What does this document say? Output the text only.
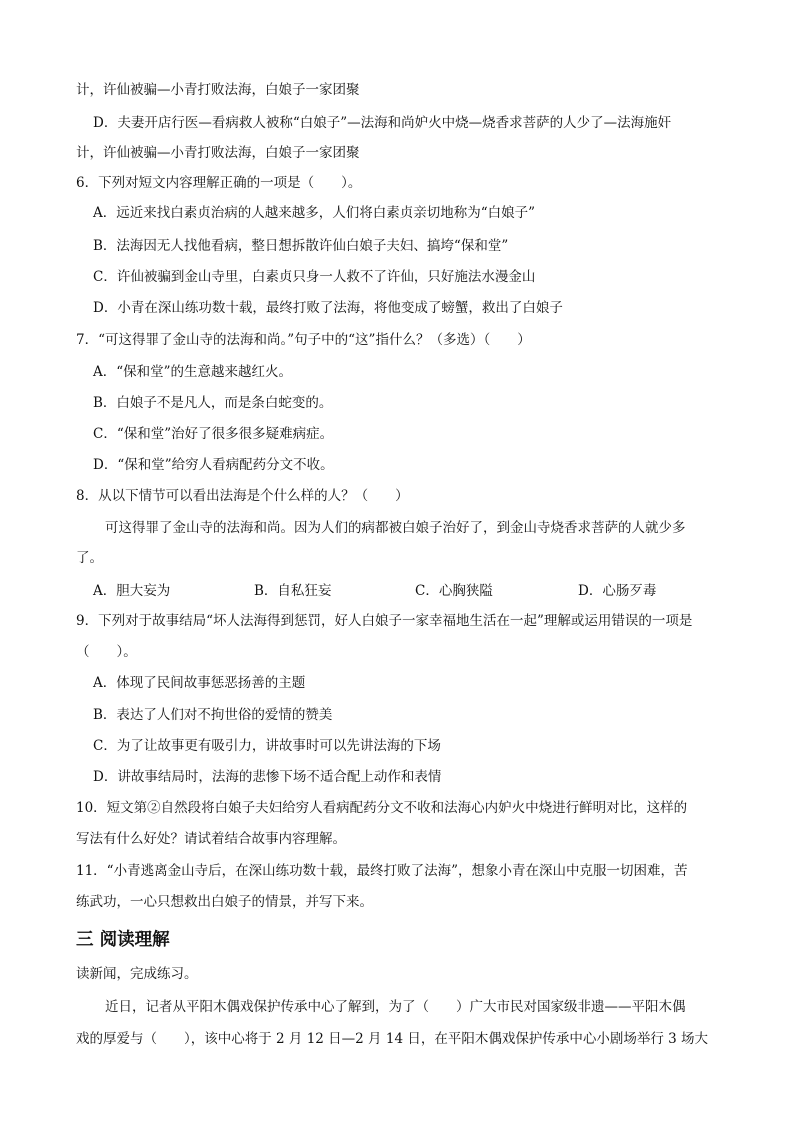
计，许仙被骗—小青打败法海，白娘子一家团聚
D．夫妻开店行医—看病救人被称“白娘子”—法海和尚妒火中烧—烧香求菩萨的人少了—法海施奸
计，许仙被骗—小青打败法海，白娘子一家团聚
6．下列对短文内容理解正确的一项是（　　）。
A．远近来找白素贞治病的人越来越多，人们将白素贞亲切地称为“白娘子”
B．法海因无人找他看病，整日想拆散许仙白娘子夫妇、搞垮“保和堂”
C．许仙被骗到金山寺里，白素贞只身一人救不了许仙，只好施法水漫金山
D．小青在深山练功数十载，最终打败了法海，将他变成了螃蟹，救出了白娘子
7．“可这得罪了金山寺的法海和尚。”句子中的“这”指什么？（多选）（　　）
A．“保和堂”的生意越来越红火。
B．白娘子不是凡人，而是条白蛇变的。
C．“保和堂”治好了很多很多疑难病症。
D．“保和堂”给穷人看病配药分文不收。
8．从以下情节可以看出法海是个什么样的人？（　　）
可这得罪了金山寺的法海和尚。因为人们的病都被白娘子治好了，到金山寺烧香求菩萨的人就少多
了。
A．胆大妄为	B．自私狂妄	C．心胸狭隘	D．心肠歹毒
9．下列对于故事结局“坏人法海得到惩罚，好人白娘子一家幸福地生活在一起”理解或运用错误的一项是
（　　）。
A．体现了民间故事惩恶扬善的主题
B．表达了人们对不拘世俗的爱情的赞美
C．为了让故事更有吸引力，讲故事时可以先讲法海的下场
D．讲故事结局时，法海的悲惨下场不适合配上动作和表情
10．短文第②自然段将白娘子夫妇给穷人看病配药分文不收和法海心内妒火中烧进行鲜明对比，这样的
写法有什么好处？请试着结合故事内容理解。
11．“小青逃离金山寺后，在深山练功数十载，最终打败了法海”，想象小青在深山中克服一切困难，苦
练武功，一心只想救出白娘子的情景，并写下来。
三 阅读理解
读新闻，完成练习。
近日，记者从平阳木偶戏保护传承中心了解到，为了（　　）广大市民对国家级非遗——平阳木偶
戏的厚爱与（　　），该中心将于 2 月 12 日—2 月 14 日，在平阳木偶戏保护传承中心小剧场举行 3 场大
